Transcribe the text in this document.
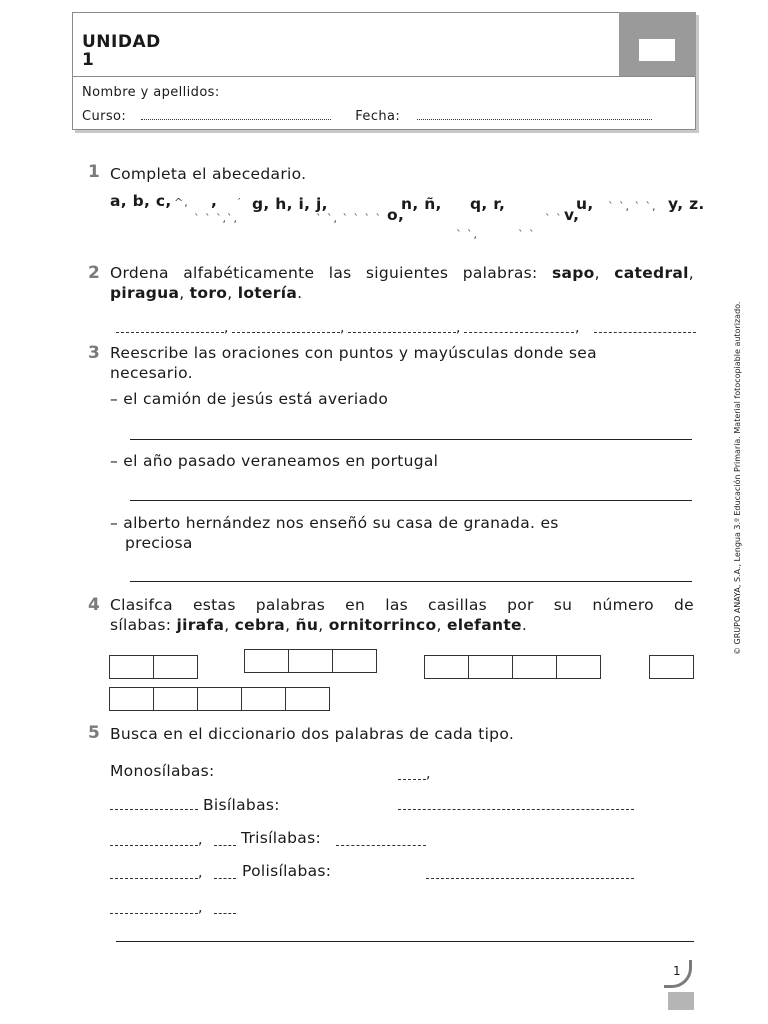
UNIDAD
1
Nombre y apellidos:
Curso:	Fecha:
1 Completa el abecedario.
a, b, c,	, g, h, i, j,
o,
n, ñ, q, r,
v,
u,	y, z.
^,
` ` `,`,
′
` `, ` ` ` `
` `, ` `,
` `
` `,	` `
2 Ordena alfabéticamente las siguientes palabras: sapo, catedral, piragua, toro, lotería.
,	,	,	,
3 Reescribe las oraciones con puntos y mayúsculas donde sea
necesario.
– el camión de jesús está averiado
– el año pasado veraneamos en portugal
– alberto hernández nos enseñó su casa de granada. es
preciosa
4 Clasifca estas palabras en las casillas por su número de
sílabas: jirafa, cebra, ñu, ornitorrinco, elefante.
5 Busca en el diccionario dos palabras de cada tipo.
Monosílabas:	,
Bisílabas:
, Trisílabas:
,	Polisílabas:
,
© GRUPO ANAYA, S.A., Lengua 3.º Educación Primaria. Material fotocopiable autorizado.
1
